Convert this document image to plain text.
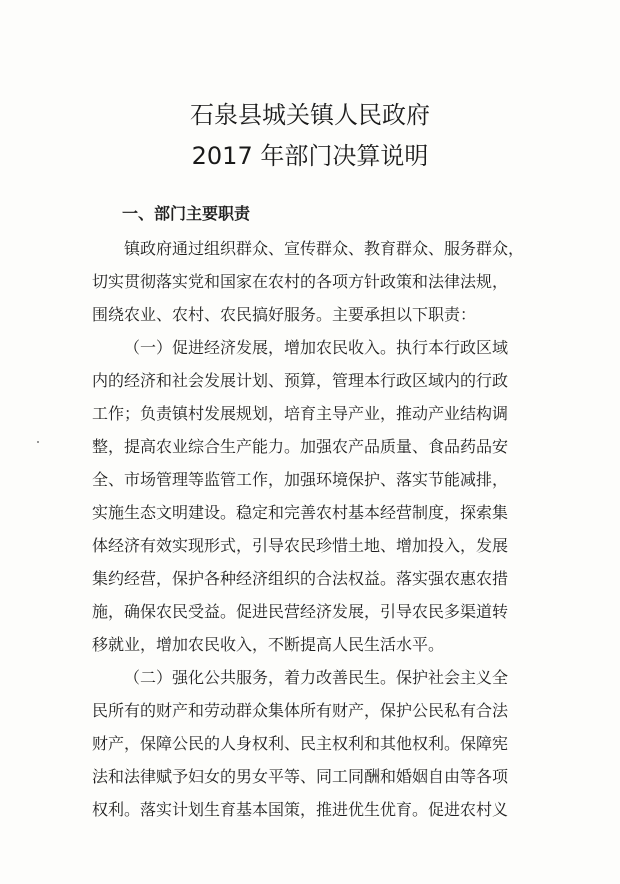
石泉县城关镇人民政府
2017 年部门决算说明
一、部门主要职责
镇政府通过组织群众、宣传群众、教育群众、服务群众，
切实贯彻落实党和国家在农村的各项方针政策和法律法规，
围绕农业、农村、农民搞好服务。主要承担以下职责：
（一）促进经济发展，增加农民收入。执行本行政区域
内的经济和社会发展计划、预算，管理本行政区域内的行政
工作；负责镇村发展规划，培育主导产业，推动产业结构调
整，提高农业综合生产能力。加强农产品质量、食品药品安
全、市场管理等监管工作，加强环境保护、落实节能减排，
实施生态文明建设。稳定和完善农村基本经营制度，探索集
体经济有效实现形式，引导农民珍惜土地、增加投入，发展
集约经营，保护各种经济组织的合法权益。落实强农惠农措
施，确保农民受益。促进民营经济发展，引导农民多渠道转
移就业，增加农民收入，不断提高人民生活水平。
（二）强化公共服务，着力改善民生。保护社会主义全
民所有的财产和劳动群众集体所有财产，保护公民私有合法
财产，保障公民的人身权利、民主权利和其他权利。保障宪
法和法律赋予妇女的男女平等、同工同酬和婚姻自由等各项
权利。落实计划生育基本国策，推进优生优育。促进农村义
